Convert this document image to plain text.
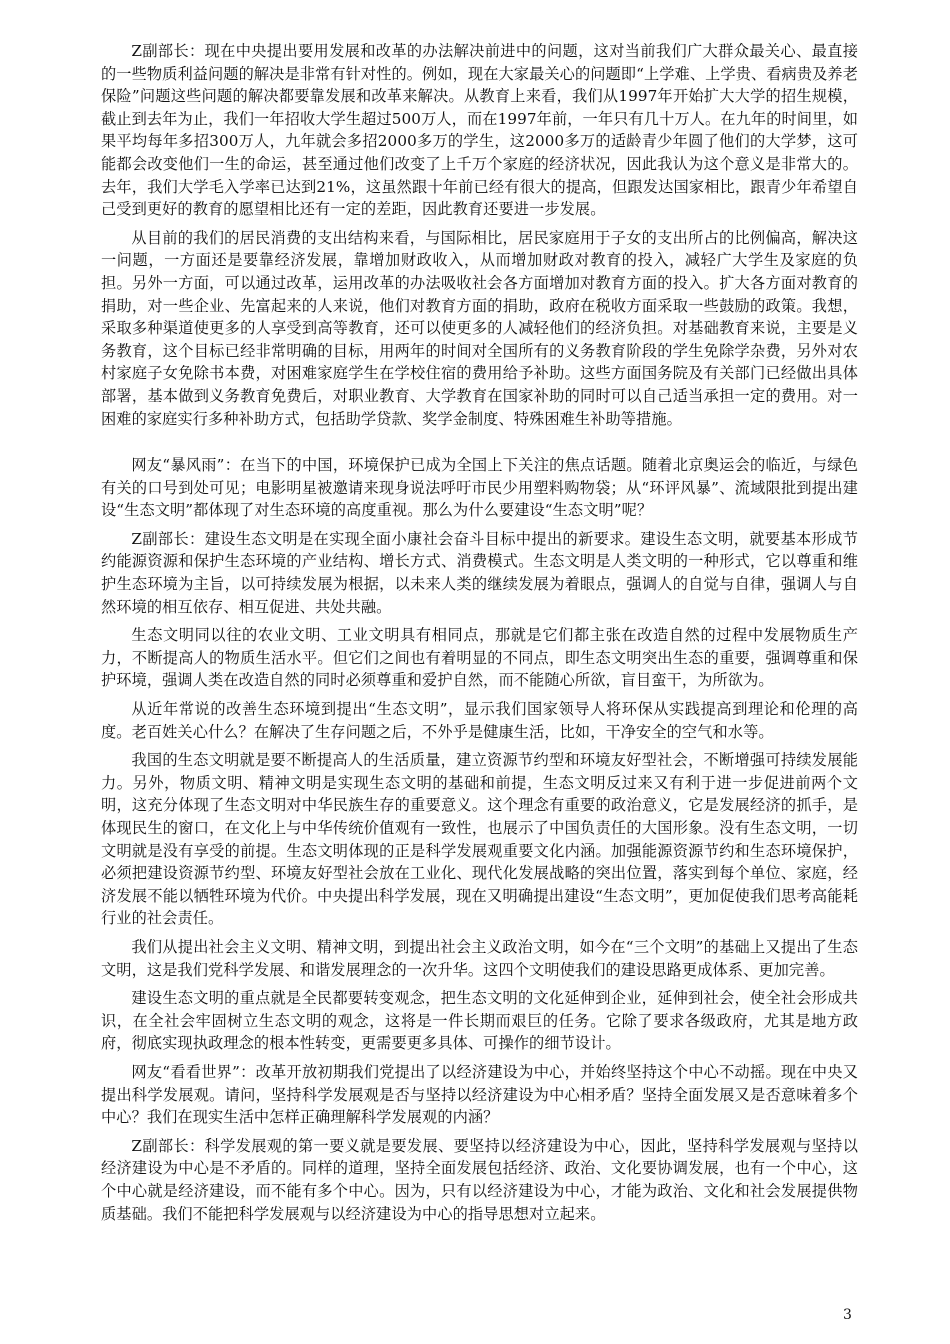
Z副部长：现在中央提出要用发展和改革的办法解决前进中的问题，这对当前我们广大群众最关心、最直接的一些物质利益问题的解决是非常有针对性的。例如，现在大家最关心的问题即“上学难、上学贵、看病贵及养老保险”问题这些问题的解决都要靠发展和改革来解决。从教育上来看，我们从1997年开始扩大大学的招生规模，截止到去年为止，我们一年招收大学生超过500万人，而在1997年前，一年只有几十万人。在九年的时间里，如果平均每年多招300万人，九年就会多招2000多万的学生，这2000多万的适龄青少年圆了他们的大学梦，这可能都会改变他们一生的命运，甚至通过他们改变了上千万个家庭的经济状况，因此我认为这个意义是非常大的。去年，我们大学毛入学率已达到21%，这虽然跟十年前已经有很大的提高，但跟发达国家相比，跟青少年希望自己受到更好的教育的愿望相比还有一定的差距，因此教育还要进一步发展。

从目前的我们的居民消费的支出结构来看，与国际相比，居民家庭用于子女的支出所占的比例偏高，解决这一问题，一方面还是要靠经济发展，靠增加财政收入，从而增加财政对教育的投入，减轻广大学生及家庭的负担。另外一方面，可以通过改革，运用改革的办法吸收社会各方面增加对教育方面的投入。扩大各方面对教育的捐助，对一些企业、先富起来的人来说，他们对教育方面的捐助，政府在税收方面采取一些鼓励的政策。我想，采取多种渠道使更多的人享受到高等教育，还可以使更多的人减轻他们的经济负担。对基础教育来说，主要是义务教育，这个目标已经非常明确的目标，用两年的时间对全国所有的义务教育阶段的学生免除学杂费，另外对农村家庭子女免除书本费，对困难家庭学生在学校住宿的费用给予补助。这些方面国务院及有关部门已经做出具体部署，基本做到义务教育免费后，对职业教育、大学教育在国家补助的同时可以自己适当承担一定的费用。对一困难的家庭实行多种补助方式，包括助学贷款、奖学金制度、特殊困难生补助等措施。

网友“暴风雨”：在当下的中国，环境保护已成为全国上下关注的焦点话题。随着北京奥运会的临近，与绿色有关的口号到处可见；电影明星被邀请来现身说法呼吁市民少用塑料购物袋；从“环评风暴”、流域限批到提出建设“生态文明”都体现了对生态环境的高度重视。那么为什么要建设“生态文明”呢？

Z副部长：建设生态文明是在实现全面小康社会奋斗目标中提出的新要求。建设生态文明，就要基本形成节约能源资源和保护生态环境的产业结构、增长方式、消费模式。生态文明是人类文明的一种形式，它以尊重和维护生态环境为主旨，以可持续发展为根据，以未来人类的继续发展为着眼点，强调人的自觉与自律，强调人与自然环境的相互依存、相互促进、共处共融。

生态文明同以往的农业文明、工业文明具有相同点，那就是它们都主张在改造自然的过程中发展物质生产力，不断提高人的物质生活水平。但它们之间也有着明显的不同点，即生态文明突出生态的重要，强调尊重和保护环境，强调人类在改造自然的同时必须尊重和爱护自然，而不能随心所欲，盲目蛮干，为所欲为。

从近年常说的改善生态环境到提出“生态文明”，显示我们国家领导人将环保从实践提高到理论和伦理的高度。老百姓关心什么？在解决了生存问题之后，不外乎是健康生活，比如，干净安全的空气和水等。

我国的生态文明就是要不断提高人的生活质量，建立资源节约型和环境友好型社会，不断增强可持续发展能力。另外，物质文明、精神文明是实现生态文明的基础和前提，生态文明反过来又有利于进一步促进前两个文明，这充分体现了生态文明对中华民族生存的重要意义。这个理念有重要的政治意义，它是发展经济的抓手，是体现民生的窗口，在文化上与中华传统价值观有一致性，也展示了中国负责任的大国形象。没有生态文明，一切文明就是没有享受的前提。生态文明体现的正是科学发展观重要文化内涵。加强能源资源节约和生态环境保护，必须把建设资源节约型、环境友好型社会放在工业化、现代化发展战略的突出位置，落实到每个单位、家庭，经济发展不能以牺牲环境为代价。中央提出科学发展，现在又明确提出建设“生态文明”，更加促使我们思考高能耗行业的社会责任。

我们从提出社会主义文明、精神文明，到提出社会主义政治文明，如今在“三个文明”的基础上又提出了生态文明，这是我们党科学发展、和谐发展理念的一次升华。这四个文明使我们的建设思路更成体系、更加完善。

建设生态文明的重点就是全民都要转变观念，把生态文明的文化延伸到企业，延伸到社会，使全社会形成共识，在全社会牢固树立生态文明的观念，这将是一件长期而艰巨的任务。它除了要求各级政府，尤其是地方政府，彻底实现执政理念的根本性转变，更需要更多具体、可操作的细节设计。

网友“看看世界”：改革开放初期我们党提出了以经济建设为中心，并始终坚持这个中心不动摇。现在中央又提出科学发展观。请问，坚持科学发展观是否与坚持以经济建设为中心相矛盾？坚持全面发展又是否意味着多个中心？我们在现实生活中怎样正确理解科学发展观的内涵？

Z副部长：科学发展观的第一要义就是要发展、要坚持以经济建设为中心，因此，坚持科学发展观与坚持以经济建设为中心是不矛盾的。同样的道理，坚持全面发展包括经济、政治、文化要协调发展，也有一个中心，这个中心就是经济建设，而不能有多个中心。因为，只有以经济建设为中心，才能为政治、文化和社会发展提供物质基础。我们不能把科学发展观与以经济建设为中心的指导思想对立起来。

3
